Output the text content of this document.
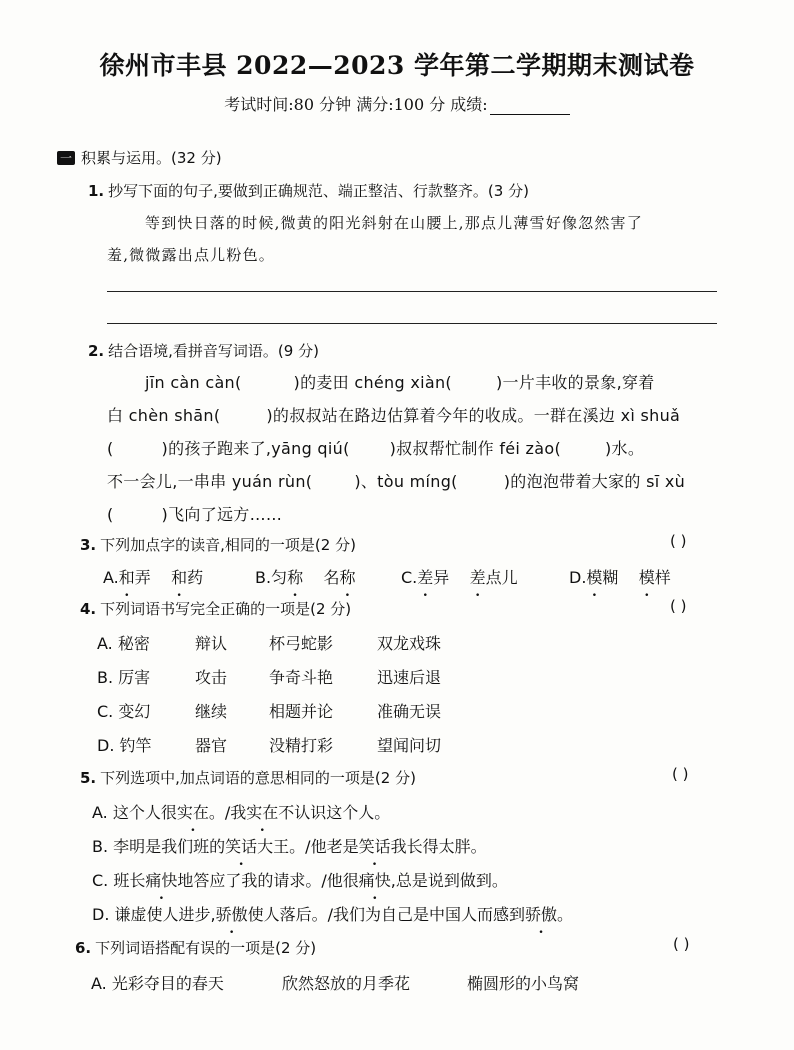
徐州市丰县 2022—2023 学年第二学期期末测试卷
考试时间:80 分钟 满分:100 分 成绩:
一 积累与运用。(32 分)
1. 抄写下面的句子,要做到正确规范、端正整洁、行款整齐。(3 分)
等到快日落的时候,微黄的阳光斜射在山腰上,那点儿薄雪好像忽然害了
羞,微微露出点儿粉色。
2. 结合语境,看拼音写词语。(9 分)
jīn càn càn(	)的麦田 chéng xiàn(	)一片丰收的景象,穿着
白 chèn shān(	)的叔叔站在路边估算着今年的收成。一群在溪边 xì shuǎ
(	)的孩子跑来了,yāng qiú(	)叔叔帮忙制作 féi zào(	)水。
不一会儿,一串串 yuán rùn(	)、tòu míng(	)的泡泡带着大家的 sī xù
(	)飞向了远方……
3. 下列加点字的读音,相同的一项是(2 分)	( )
A.和弄 和药	B.匀称 名称	C.差异 差点儿	D.模糊 模样
4. 下列词语书写完全正确的一项是(2 分)	( )
A. 秘密	辩认	杯弓蛇影	双龙戏珠
B. 厉害	攻击	争奇斗艳	迅速后退
C. 变幻	继续	相题并论	准确无误
D. 钓竿	器官	没精打彩	望闻问切
5. 下列选项中,加点词语的意思相同的一项是(2 分)	( )
A. 这个人很实在。/我实在不认识这个人。
B. 李明是我们班的笑话大王。/他老是笑话我长得太胖。
C. 班长痛快地答应了我的请求。/他很痛快,总是说到做到。
D. 谦虚使人进步,骄傲使人落后。/我们为自己是中国人而感到骄傲。
6. 下列词语搭配有误的一项是(2 分)	( )
A. 光彩夺目的春天	欣然怒放的月季花	椭圆形的小鸟窝
